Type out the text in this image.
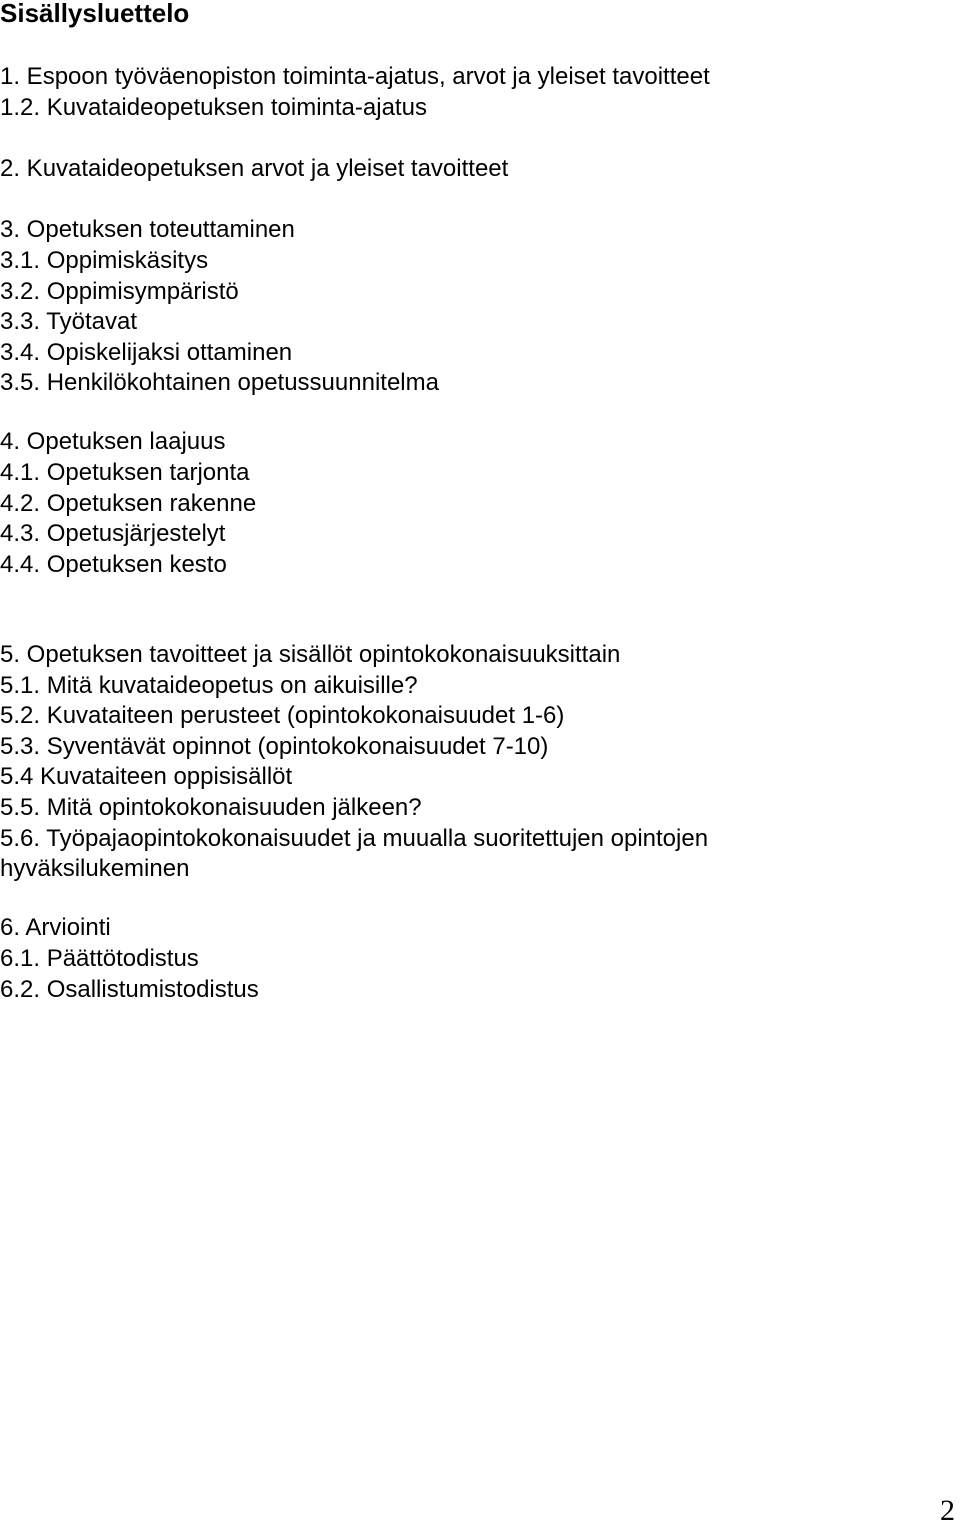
Sisällysluettelo
1. Espoon työväenopiston toiminta-ajatus, arvot ja yleiset tavoitteet
1.2. Kuvataideopetuksen toiminta-ajatus
2. Kuvataideopetuksen arvot ja yleiset tavoitteet
3. Opetuksen toteuttaminen
3.1. Oppimiskäsitys
3.2. Oppimisympäristö
3.3. Työtavat
3.4. Opiskelijaksi ottaminen
3.5. Henkilökohtainen opetussuunnitelma
4. Opetuksen laajuus
4.1. Opetuksen tarjonta
4.2. Opetuksen rakenne
4.3. Opetusjärjestelyt
4.4. Opetuksen kesto
5. Opetuksen tavoitteet ja sisällöt opintokokonaisuuksittain
5.1. Mitä kuvataideopetus on aikuisille?
5.2. Kuvataiteen perusteet (opintokokonaisuudet 1-6)
5.3. Syventävät opinnot (opintokokonaisuudet 7-10)
5.4 Kuvataiteen oppisisällöt
5.5. Mitä opintokokonaisuuden jälkeen?
5.6. Työpajaopintokokonaisuudet ja muualla suoritettujen opintojen
hyväksilukeminen
6. Arviointi
6.1. Päättötodistus
6.2. Osallistumistodistus
2
